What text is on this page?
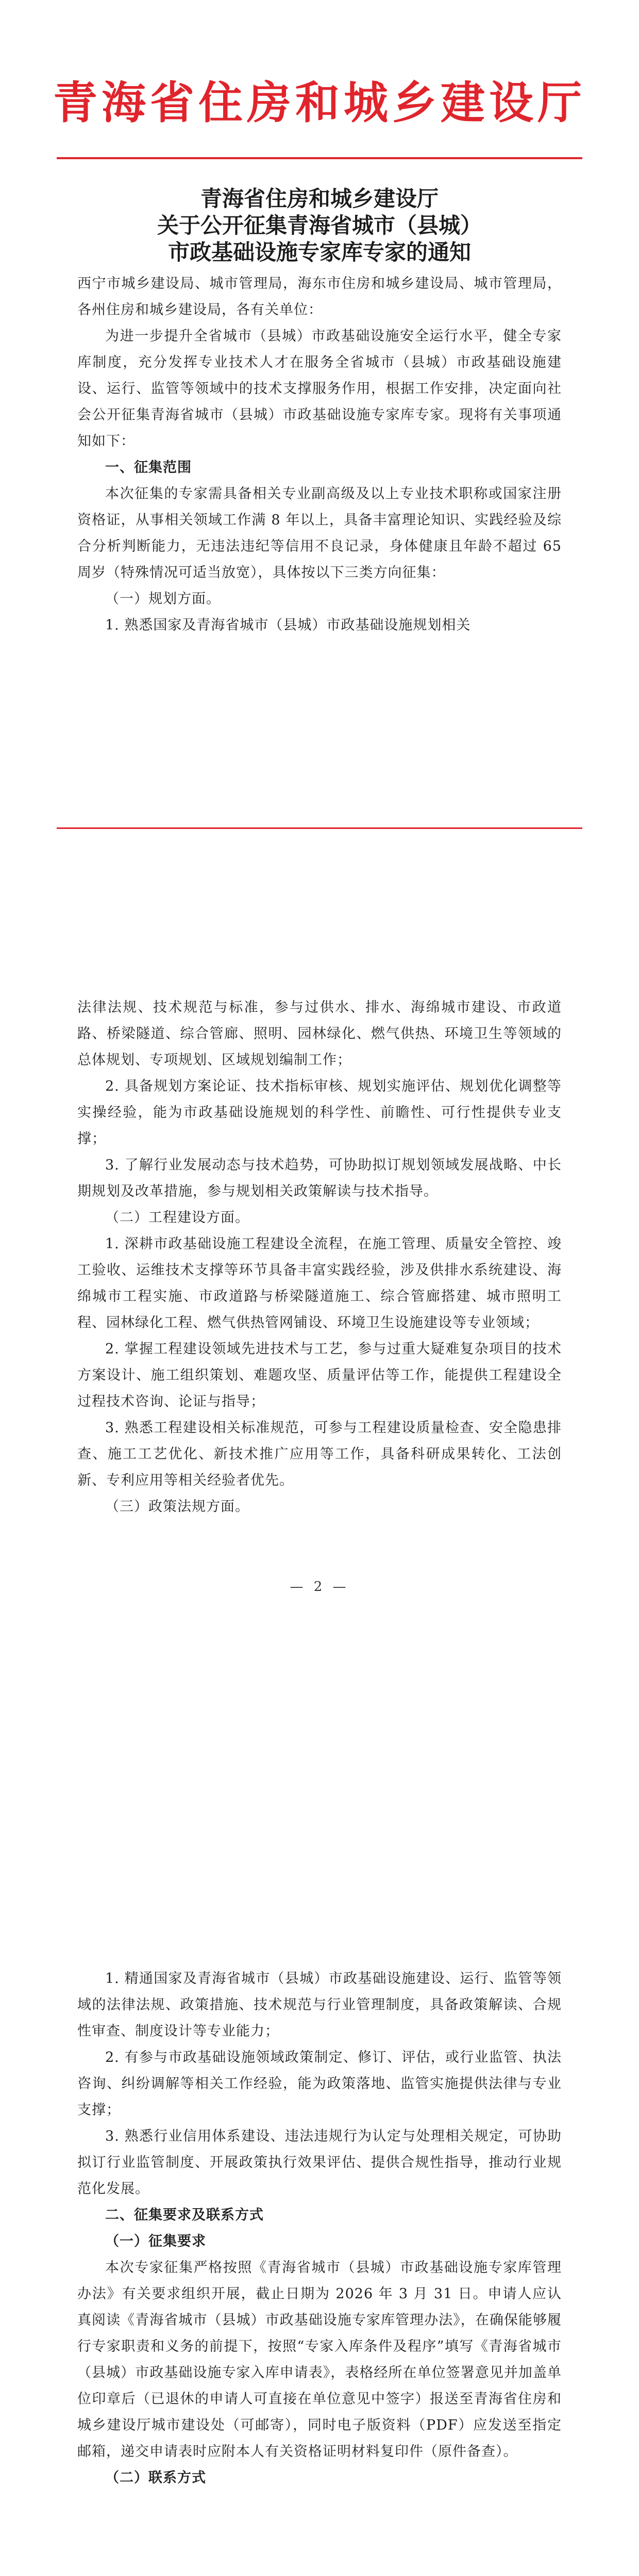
青海省住房和城乡建设厅
青海省住房和城乡建设厅
关于公开征集青海省城市（县城）
市政基础设施专家库专家的通知

西宁市城乡建设局、城市管理局，海东市住房和城乡建设局、城市管理局，各州住房和城乡建设局，各有关单位：

为进一步提升全省城市（县城）市政基础设施安全运行水平，健全专家库制度，充分发挥专业技术人才在服务全省城市（县城）市政基础设施建设、运行、监管等领域中的技术支撑服务作用，根据工作安排，决定面向社会公开征集青海省城市（县城）市政基础设施专家库专家。现将有关事项通知如下：

一、征集范围

本次征集的专家需具备相关专业副高级及以上专业技术职称或国家注册资格证，从事相关领域工作满 8 年以上，具备丰富理论知识、实践经验及综合分析判断能力，无违法违纪等信用不良记录，身体健康且年龄不超过 65 周岁（特殊情况可适当放宽），具体按以下三类方向征集：

（一）规划方面。

1. 熟悉国家及青海省城市（县城）市政基础设施规划相关

法律法规、技术规范与标准，参与过供水、排水、海绵城市建设、市政道路、桥梁隧道、综合管廊、照明、园林绿化、燃气供热、环境卫生等领域的总体规划、专项规划、区域规划编制工作；

2. 具备规划方案论证、技术指标审核、规划实施评估、规划优化调整等实操经验，能为市政基础设施规划的科学性、前瞻性、可行性提供专业支撑；

3. 了解行业发展动态与技术趋势，可协助拟订规划领域发展战略、中长期规划及改革措施，参与规划相关政策解读与技术指导。

（二）工程建设方面。

1. 深耕市政基础设施工程建设全流程，在施工管理、质量安全管控、竣工验收、运维技术支撑等环节具备丰富实践经验，涉及供排水系统建设、海绵城市工程实施、市政道路与桥梁隧道施工、综合管廊搭建、城市照明工程、园林绿化工程、燃气供热管网铺设、环境卫生设施建设等专业领域；

2. 掌握工程建设领域先进技术与工艺，参与过重大疑难复杂项目的技术方案设计、施工组织策划、难题攻坚、质量评估等工作，能提供工程建设全过程技术咨询、论证与指导；

3. 熟悉工程建设相关标准规范，可参与工程建设质量检查、安全隐患排查、施工工艺优化、新技术推广应用等工作，具备科研成果转化、工法创新、专利应用等相关经验者优先。

（三）政策法规方面。

— 2 —

1. 精通国家及青海省城市（县城）市政基础设施建设、运行、监管等领域的法律法规、政策措施、技术规范与行业管理制度，具备政策解读、合规性审查、制度设计等专业能力；

2. 有参与市政基础设施领域政策制定、修订、评估，或行业监管、执法咨询、纠纷调解等相关工作经验，能为政策落地、监管实施提供法律与专业支撑；

3. 熟悉行业信用体系建设、违法违规行为认定与处理相关规定，可协助拟订行业监管制度、开展政策执行效果评估、提供合规性指导，推动行业规范化发展。

二、征集要求及联系方式

（一）征集要求

本次专家征集严格按照《青海省城市（县城）市政基础设施专家库管理办法》有关要求组织开展，截止日期为 2026 年 3 月 31 日。申请人应认真阅读《青海省城市（县城）市政基础设施专家库管理办法》，在确保能够履行专家职责和义务的前提下，按照“专家入库条件及程序”填写《青海省城市（县城）市政基础设施专家入库申请表》，表格经所在单位签署意见并加盖单位印章后（已退休的申请人可直接在单位意见中签字）报送至青海省住房和城乡建设厅城市建设处（可邮寄），同时电子版资料（PDF）应发送至指定邮箱，递交申请表时应附本人有关资格证明材料复印件（原件备查）。

（二）联系方式
